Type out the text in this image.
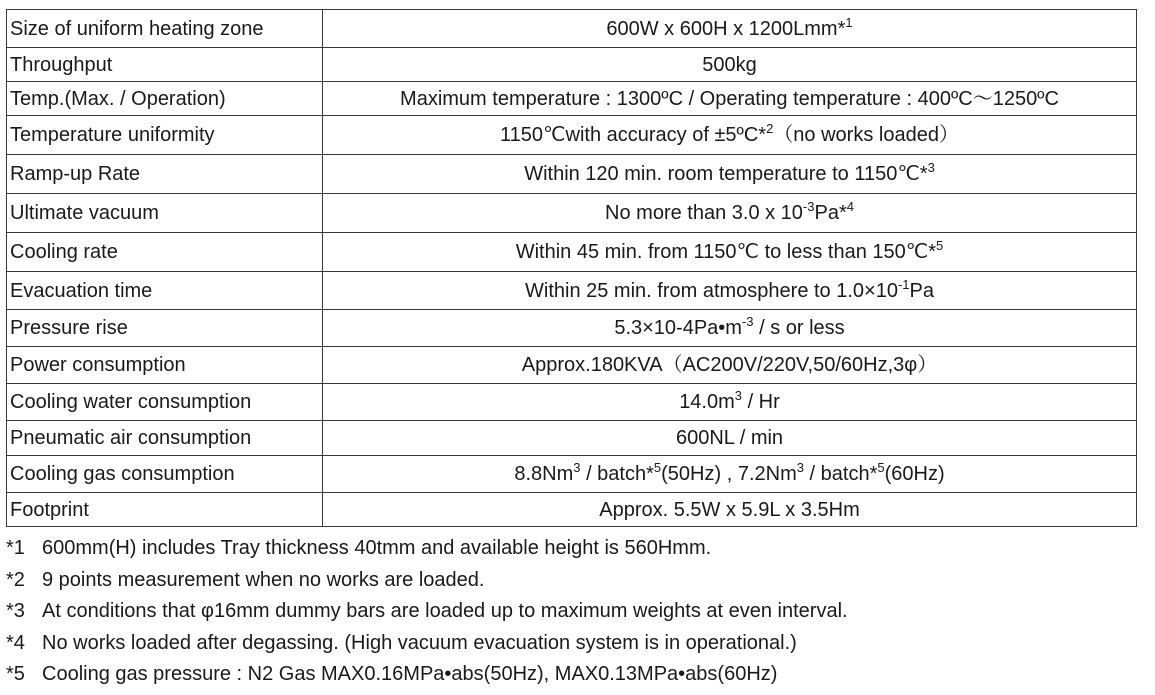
Size of uniform heating zone	600W x 600H x 1200Lmm*$^1$
Throughput	500kg
Temp.(Max. / Operation)	Maximum temperature : 1300ºC / Operating temperature : 400ºC～1250ºC
Temperature uniformity	1150℃with accuracy of ±5ºC*$^2$（no works loaded）
Ramp-up Rate	Within 120 min. room temperature to 1150℃*$^3$
Ultimate vacuum	No more than 3.0 x $10^{-3}Pa*^4$
Cooling rate	Within 45 min. from 1150℃ to less than 150℃*$^5$
Evacuation time	Within 25 min. from atmosphere to $1.0\times 10^{-1}Pa$
Pressure rise	$5.3\times 10-4Pa•m^{-3} / s$ or less
Power consumption	Approx.180KVA（AC200V/220V,50/60Hz,3φ）
Cooling water consumption	$14.0m^3$ / Hr
Pneumatic air consumption	600NL / min
Cooling gas consumption	8.8Nm$^3$ / batch*$^5$(50Hz) , 7.2Nm$^3$ / batch*$^5$(60Hz)
Footprint	Approx. 5.5W x 5.9L x 3.5Hm
*1 600mm(H) includes Tray thickness 40tmm and available height is 560Hmm.
*2 9 points measurement when no works are loaded.
*3 At conditions that φ16mm dummy bars are loaded up to maximum weights at even interval.
*4 No works loaded after degassing. (High vacuum evacuation system is in operational.)
*5 Cooling gas pressure : N2 Gas MAX0.16MPa•abs(50Hz), MAX0.13MPa•abs(60Hz)
